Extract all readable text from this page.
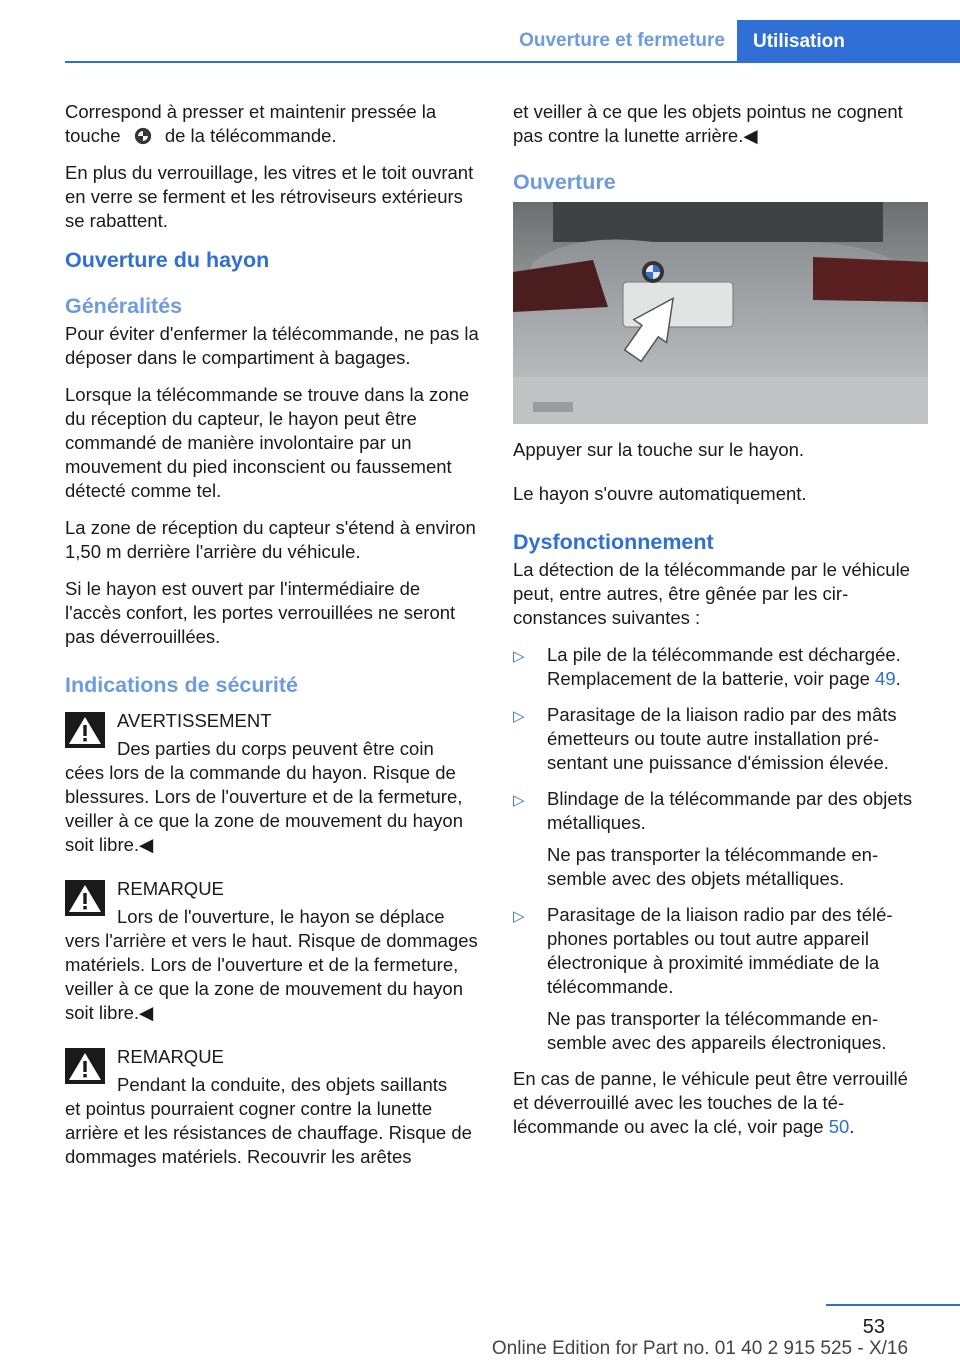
Ouverture et fermeture Utilisation

Correspond à presser et maintenir pressée la touche de la télécommande.

En plus du verrouillage, les vitres et le toit ouvrant en verre se ferment et les rétroviseurs extérieurs se rabattent.

Ouverture du hayon
Généralités

Pour éviter d'enfermer la télécommande, ne pas la déposer dans le compartiment à bagages.

Lorsque la télécommande se trouve dans la zone du réception du capteur, le hayon peut être commandé de manière involontaire par un mouvement du pied inconscient ou faussement détecté comme tel.

La zone de réception du capteur s'étend à environ 1,50 m derrière l'arrière du véhicule.

Si le hayon est ouvert par l'intermédiaire de l'accès confort, les portes verrouillées ne seront pas déverrouillées.

Indications de sécurité
AVERTISSEMENT
Des parties du corps peuvent être coin
cées lors de la commande du hayon. Risque de blessures. Lors de l'ouverture et de la fermeture, veiller à ce que la zone de mouvement du hayon soit libre.◀
REMARQUE
Lors de l'ouverture, le hayon se déplace
vers l'arrière et vers le haut. Risque de dommages matériels. Lors de l'ouverture et de la fermeture, veiller à ce que la zone de mouvement du hayon soit libre.◀
REMARQUE
Pendant la conduite, des objets saillants
et pointus pourraient cogner contre la lunette arrière et les résistances de chauffage. Risque de dommages matériels. Recouvrir les arêtes

et veiller à ce que les objets pointus ne cognent pas contre la lunette arrière.◀

Ouverture

Appuyer sur la touche sur le hayon.

Le hayon s'ouvre automatiquement.

Dysfonctionnement

La détection de la télécommande par le véhicule peut, entre autres, être gênée par les circonstances suivantes :

▷ La pile de la télécommande est déchargée. Remplacement de la batterie, voir page 49.

▷ Parasitage de la liaison radio par des mâts émetteurs ou toute autre installation présentant une puissance d'émission élevée.

▷ Blindage de la télécommande par des objets métalliques.

Ne pas transporter la télécommande ensemble avec des objets métalliques.

▷ Parasitage de la liaison radio par des téléphones portables ou tout autre appareil électronique à proximité immédiate de la télécommande.

Ne pas transporter la télécommande ensemble avec des appareils électroniques.

En cas de panne, le véhicule peut être verrouillé et déverrouillé avec les touches de la télécommande ou avec la clé, voir page 50.

53
Online Edition for Part no. 01 40 2 915 525 - X/16
